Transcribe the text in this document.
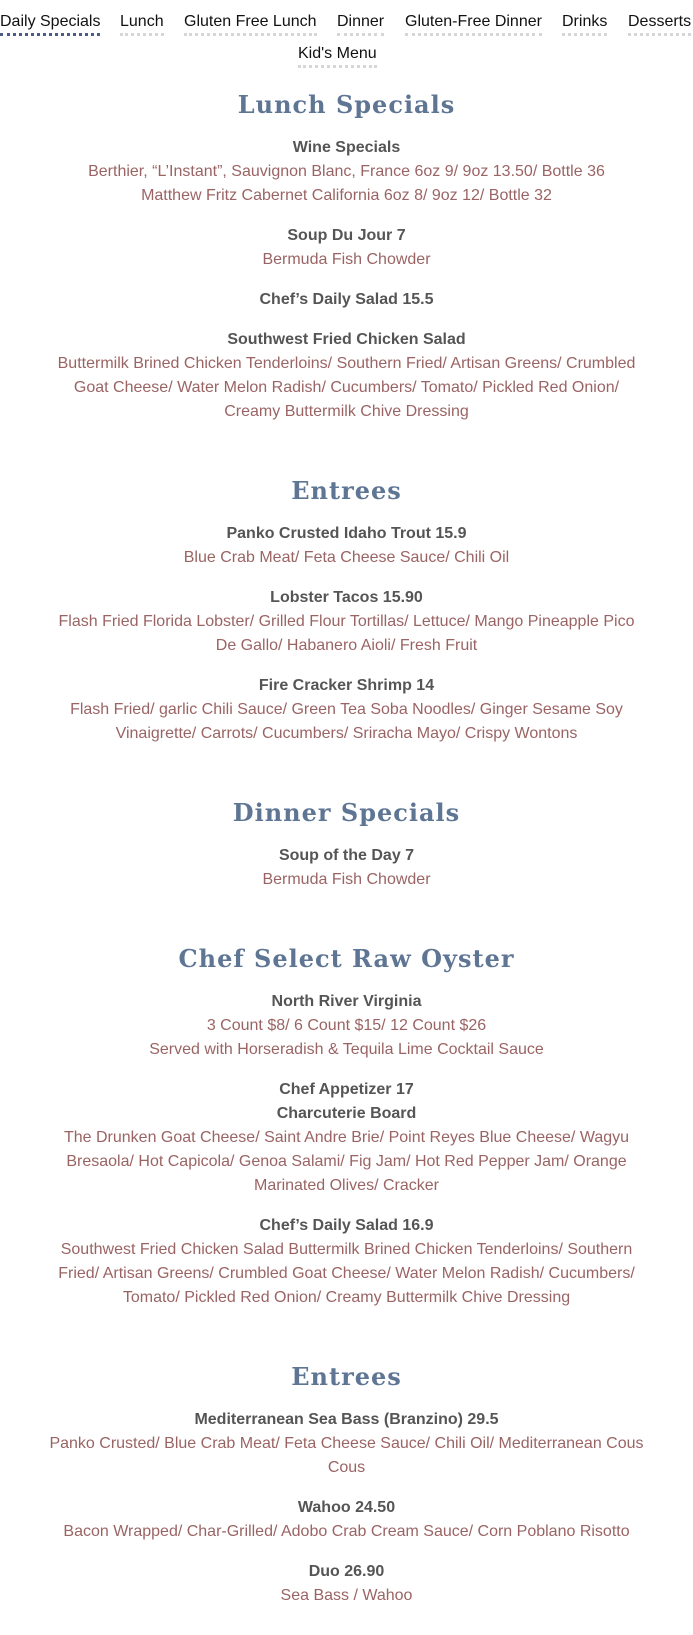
Daily Specials Lunch Gluten Free Lunch Dinner Gluten-Free Dinner Drinks Desserts
Kid's Menu
Lunch Specials
Wine Specials
Berthier, “L’Instant”, Sauvignon Blanc, France 6oz 9/ 9oz 13.50/ Bottle 36
Matthew Fritz Cabernet California 6oz 8/ 9oz 12/ Bottle 32
Soup Du Jour 7
Bermuda Fish Chowder
Chef’s Daily Salad 15.5
Southwest Fried Chicken Salad
Buttermilk Brined Chicken Tenderloins/ Southern Fried/ Artisan Greens/ Crumbled
Goat Cheese/ Water Melon Radish/ Cucumbers/ Tomato/ Pickled Red Onion/
Creamy Buttermilk Chive Dressing
Entrees
Panko Crusted Idaho Trout 15.9
Blue Crab Meat/ Feta Cheese Sauce/ Chili Oil
Lobster Tacos 15.90
Flash Fried Florida Lobster/ Grilled Flour Tortillas/ Lettuce/ Mango Pineapple Pico
De Gallo/ Habanero Aioli/ Fresh Fruit
Fire Cracker Shrimp 14
Flash Fried/ garlic Chili Sauce/ Green Tea Soba Noodles/ Ginger Sesame Soy
Vinaigrette/ Carrots/ Cucumbers/ Sriracha Mayo/ Crispy Wontons
Dinner Specials
Soup of the Day 7
Bermuda Fish Chowder
Chef Select Raw Oyster
North River Virginia
3 Count $8/ 6 Count $15/ 12 Count $26
Served with Horseradish & Tequila Lime Cocktail Sauce
Chef Appetizer 17
Charcuterie Board
The Drunken Goat Cheese/ Saint Andre Brie/ Point Reyes Blue Cheese/ Wagyu
Bresaola/ Hot Capicola/ Genoa Salami/ Fig Jam/ Hot Red Pepper Jam/ Orange
Marinated Olives/ Cracker
Chef’s Daily Salad 16.9
Southwest Fried Chicken Salad Buttermilk Brined Chicken Tenderloins/ Southern
Fried/ Artisan Greens/ Crumbled Goat Cheese/ Water Melon Radish/ Cucumbers/
Tomato/ Pickled Red Onion/ Creamy Buttermilk Chive Dressing
Entrees
Mediterranean Sea Bass (Branzino) 29.5
Panko Crusted/ Blue Crab Meat/ Feta Cheese Sauce/ Chili Oil/ Mediterranean Cous
Cous
Wahoo 24.50
Bacon Wrapped/ Char-Grilled/ Adobo Crab Cream Sauce/ Corn Poblano Risotto
Duo 26.90
Sea Bass / Wahoo
